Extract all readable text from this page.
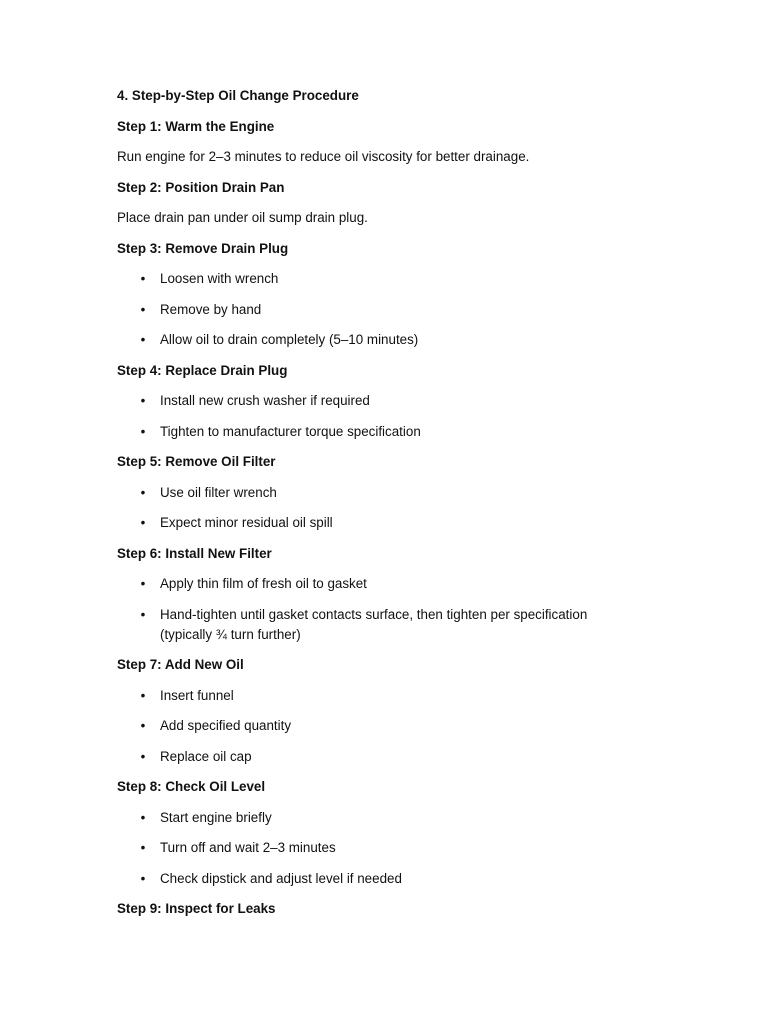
4. Step-by-Step Oil Change Procedure

Step 1: Warm the Engine

Run engine for 2–3 minutes to reduce oil viscosity for better drainage.

Step 2: Position Drain Pan

Place drain pan under oil sump drain plug.

Step 3: Remove Drain Plug

• Loosen with wrench
• Remove by hand
• Allow oil to drain completely (5–10 minutes)

Step 4: Replace Drain Plug

• Install new crush washer if required
• Tighten to manufacturer torque specification

Step 5: Remove Oil Filter

• Use oil filter wrench
• Expect minor residual oil spill

Step 6: Install New Filter

• Apply thin film of fresh oil to gasket
• Hand-tighten until gasket contacts surface, then tighten per specification (typically ¾ turn further)

Step 7: Add New Oil

• Insert funnel
• Add specified quantity
• Replace oil cap

Step 8: Check Oil Level

• Start engine briefly
• Turn off and wait 2–3 minutes
• Check dipstick and adjust level if needed

Step 9: Inspect for Leaks
